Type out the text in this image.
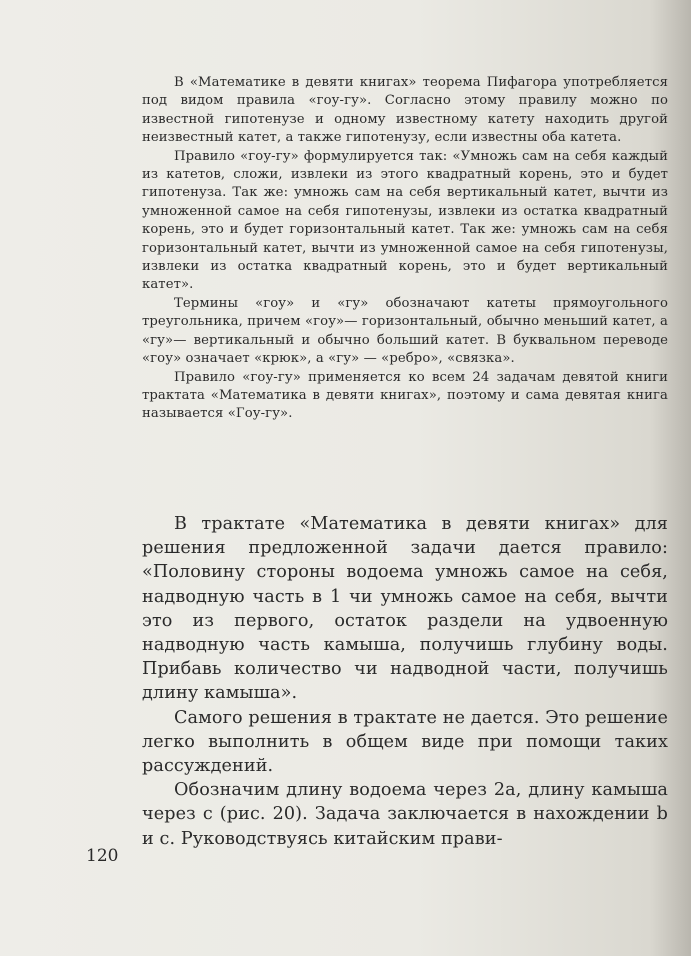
В «Математике в девяти книгах» теорема Пифагора употребляется под видом правила «гоу-гу». Согласно этому правилу можно по известной гипотенузе и одному известному катету находить другой неизвестный катет, а также гипотенузу, если известны оба катета.

Правило «гоу-гу» формулируется так: «Умножь сам на себя каждый из катетов, сложи, извлеки из этого квадратный корень, это и будет гипотенуза. Так же: умножь сам на себя вертикальный катет, вычти из умноженной самое на себя гипотенузы, извлеки из остатка квадратный корень, это и будет горизонтальный катет. Так же: умножь сам на себя горизонтальный катет, вычти из умноженной самое на себя гипотенузы, извлеки из остатка квадратный корень, это и будет вертикальный катет».

Термины «гоу» и «гу» обозначают катеты прямоугольного треугольника, причем «гоу»— горизонтальный, обычно меньший катет, а «гу»— вертикальный и обычно больший катет. В буквальном переводе «гоу» означает «крюк», а «гу» — «ребро», «связка».

Правило «гоу-гу» применяется ко всем 24 задачам девятой книги трактата «Математика в девяти книгах», поэтому и сама девятая книга называется «Гоу-гу».

В трактате «Математика в девяти книгах» для решения предложенной задачи дается правило: «Половину стороны водоема умножь самое на себя, надводную часть в 1 чи умножь самое на себя, вычти это из первого, остаток раздели на удвоенную надводную часть камыша, получишь глубину воды. Прибавь количество чи надводной части, получишь длину камыша».

Самого решения в трактате не дается. Это решение легко выполнить в общем виде при помощи таких рассуждений.

Обозначим длину водоема через 2a, длину камыша через c (рис. 20). Задача заключается в нахождении b и c. Руководствуясь китайским прави-

120
